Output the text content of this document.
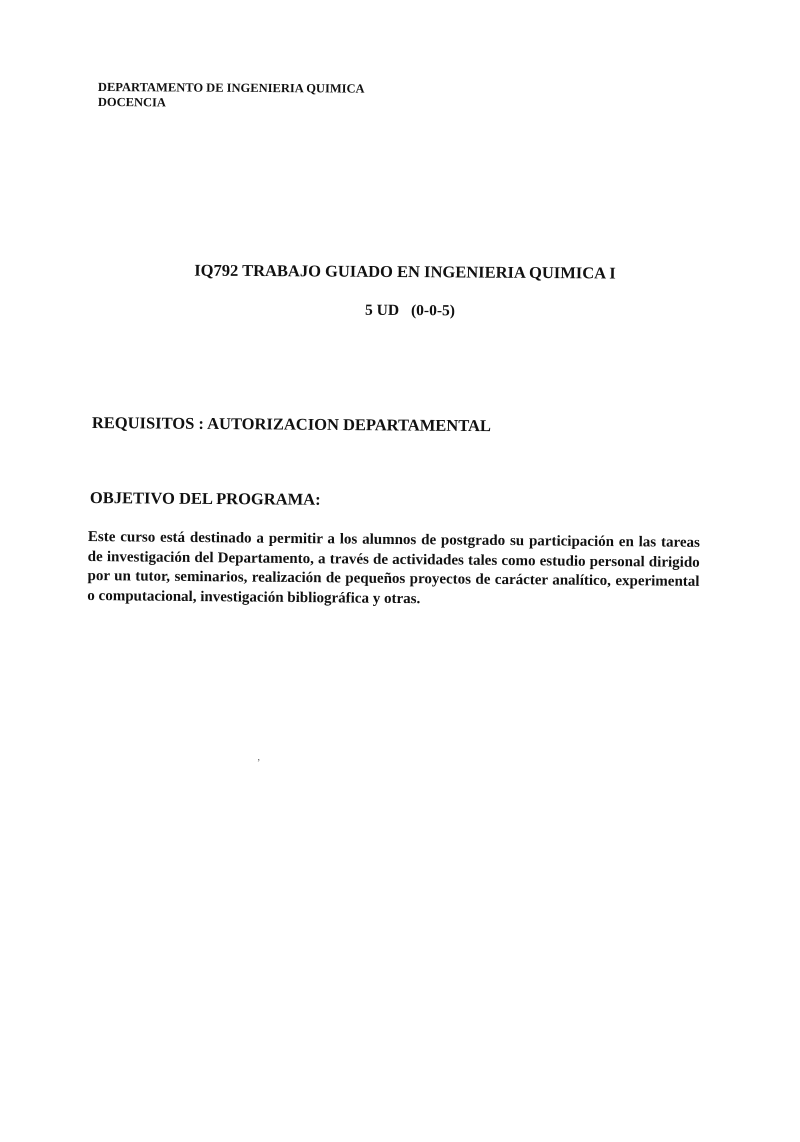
DEPARTAMENTO DE INGENIERIA QUIMICA
DOCENCIA
IQ792 TRABAJO GUIADO EN INGENIERIA QUIMICA I
5 UD (0-0-5)
REQUISITOS : AUTORIZACION DEPARTAMENTAL
OBJETIVO DEL PROGRAMA:
Este curso está destinado a permitir a los alumnos de postgrado su participación en las tareas de investigación del Departamento, a través de actividades tales como estudio personal dirigido por un tutor, seminarios, realización de pequeños proyectos de carácter analítico, experimental o computacional, investigación bibliográfica y otras.
’
